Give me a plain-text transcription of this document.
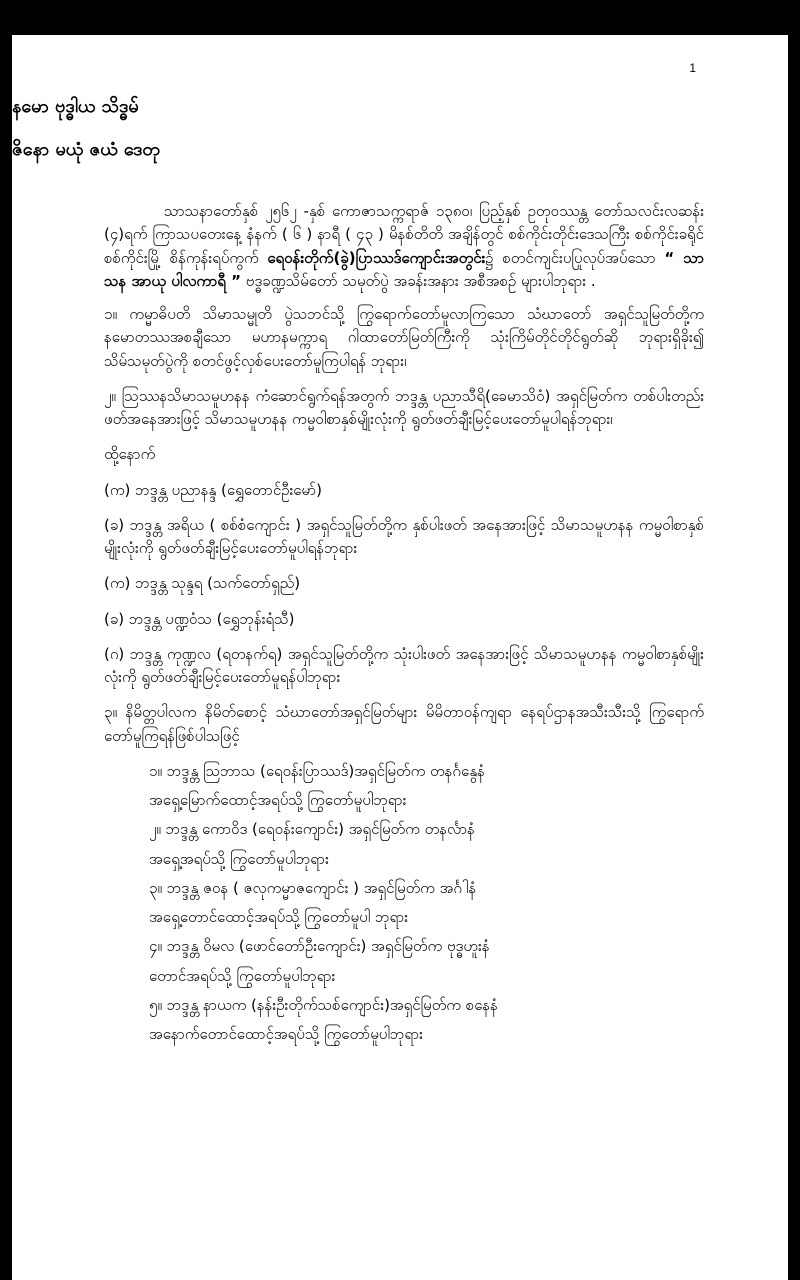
1

နမော ဗုဒ္ဓါယ သိဒ္ဓမ်

ဇိနော မယုံ ဇယံ ဒေတု

သာသနာတော်နှစ် ၂၅၆၂ -နှစ် ကောဇာသက္ကရာဇ် ၁၃၈၀၊ ပြည့်နှစ် ဥတုဝဿန္တ တော်သလင်းလဆန်း (၄)ရက် ကြာသပတေးနေ့ နံနက် ( ၆ ) နာရီ ( ၄၃ ) မိနစ်တိတိ အချိန်တွင် စစ်ကိုင်းတိုင်းဒေသကြီး စစ်ကိုင်းခရိုင် စစ်ကိုင်းမြို့ စိန်ကုန်းရပ်ကွက် ရေဝန်းတိုက်(ခွဲ)ပြာဿဒ်ကျောင်းအတွင်း၌ စတင်ကျင်းပပြုလုပ်အပ်သော “ သာသန အာယု ပါလကာရီ ” ဗဒ္ဓခဏ္ဍသိမ်တော် သမုတ်ပွဲ အခန်းအနား အစီအစဉ် များပါဘုရား .

၁။ ကမ္မာဓိပတိ သိမာသမ္မုတိ ပွဲသဘင်သို့ ကြွရောက်တော်မူလာကြသော သံဃာတော် အရှင်သူမြတ်တို့က နမောတဿအစချီသော မဟာနမက္ကာရ ဂါထာတော်မြတ်ကြီးကို သုံးကြိမ်တိုင်တိုင်ရွတ်ဆို ဘုရားရှိခိုး၍ သိမ်သမုတ်ပွဲကို စတင်ဖွင့်လှစ်ပေးတော်မူကြပါရန် ဘုရား၊

၂။ သြဿနသိမာသမူဟနန ကံဆောင်ရွက်ရန်အတွက် ဘဒ္ဒန္တ ပညာသီရိ(ခေမာသိဝံ) အရှင်မြတ်က တစ်ပါးတည်း ဖတ်အနေအားဖြင့် သိမာသမူဟနန ကမ္မဝါစာနှစ်မျိုးလုံးကို ရွတ်ဖတ်ချီးမြင့်ပေးတော်မူပါရန်ဘုရား၊

ထို့နောက်

(က) ဘဒ္ဒန္တ ပညာနန္ဒ (ရွှေတောင်ဦးမော်)

(ခ) ဘဒ္ဒန္တ အရိယ ( စစ်စံကျောင်း ) အရှင်သူမြတ်တို့က နှစ်ပါးဖတ် အနေအားဖြင့် သိမာသမူဟနန ကမ္မဝါစာနှစ်မျိုးလုံးကို ရွတ်ဖတ်ချီးမြင့်ပေးတော်မူပါရန်ဘုရား

(က) ဘဒ္ဒန္တ သုန္ဒရ (သက်တော်ရှည်)

(ခ) ဘဒ္ဒန္တ ပဏ္ဍဝံသ (ရွှေဘုန်းရံသီ)

(ဂ) ဘဒ္ဒန္တ ကုဏ္ဍလ (ရတနက်ရ) အရှင်သူမြတ်တို့က သုံးပါးဖတ် အနေအားဖြင့် သိမာသမူဟနန ကမ္မဝါစာနှစ်မျိုးလုံးကို ရွတ်ဖတ်ချီးမြင့်ပေးတော်မူရန်ပါဘုရား

၃။ နိမိတ္တပါလက နိမိတ်စောင့် သံဃာတော်အရှင်မြတ်များ မိမိတာဝန်ကျရာ နေရပ်ဌာနအသီးသီးသို့ ကြွရောက်တော်မူကြရန်ဖြစ်ပါသဖြင့်

၁။ ဘဒ္ဒန္တ သြဘာသ (ရေဝန်းပြာဿဒ်)အရှင်မြတ်က တနင်္ဂနွေနံ

အရှေ့မြောက်ထောင့်အရပ်သို့ ကြွတော်မူပါဘုရား

၂။ ဘဒ္ဒန္တ ကောဝိဒ (ရေဝန်းကျောင်း) အရှင်မြတ်က တနင်္လာနံ

အရှေ့အရပ်သို့ ကြွတော်မူပါဘုရား

၃။ ဘဒ္ဒန္တ ဇဝန ( ဇလုကမ္မာဇကျောင်း ) အရှင်မြတ်က အင်္ဂါနံ

အရှေ့တောင်ထောင့်အရပ်သို့ ကြွတော်မူပါ ဘုရား

၄။ ဘဒ္ဒန္တ ဝိမလ (ဖောင်တော်ဦးကျောင်း) အရှင်မြတ်က ဗုဒ္ဓဟူးနံ

တောင်အရပ်သို့ ကြွတော်မူပါဘုရား

၅။ ဘဒ္ဒန္တ နာယက (နန်းဦးတိုက်သစ်ကျောင်း)အရှင်မြတ်က စနေနံ

အနောက်တောင်ထောင့်အရပ်သို့ ကြွတော်မူပါဘုရား
